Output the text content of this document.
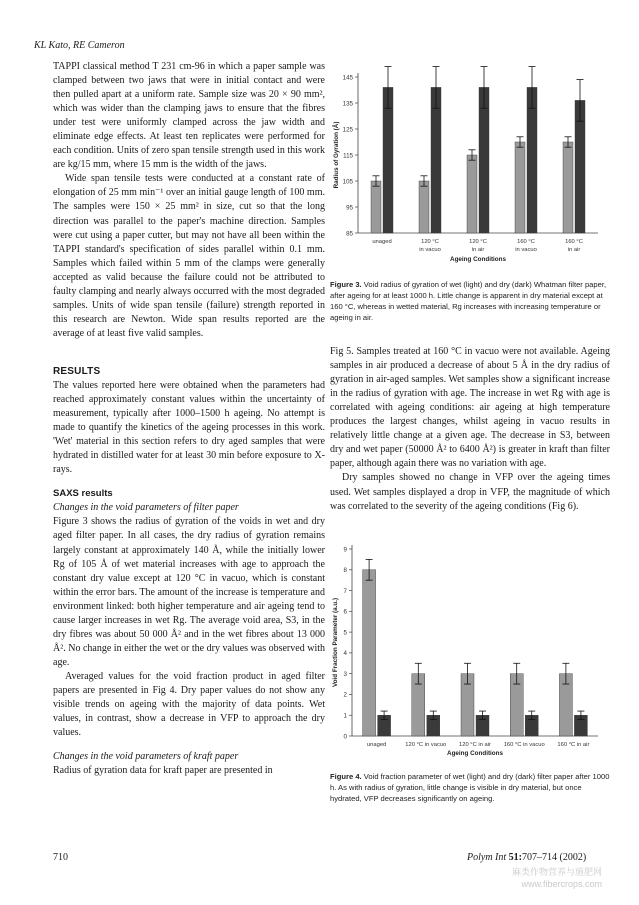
KL Kato, RE Cameron

TAPPI classical method T 231 cm-96 in which a paper sample was clamped between two jaws that were in initial contact and were then pulled apart at a uniform rate. Sample size was 20 × 90 mm², which was wider than the clamping jaws to ensure that the fibres under test were uniformly clamped across the jaw width and eliminate edge effects. At least ten replicates were performed for each condition. Units of zero span tensile strength used in this work are kg/15 mm, where 15 mm is the width of the jaws.

Wide span tensile tests were conducted at a constant rate of elongation of 25 mm min⁻¹ over an initial gauge length of 100 mm. The samples were 150 × 25 mm² in size, cut so that the long direction was parallel to the paper's machine direction. Samples were cut using a paper cutter, but may not have all been within the TAPPI standard's specification of sides parallel within 0.1 mm. Samples which failed within 5 mm of the clamps were generally accepted as valid because the failure could not be attributed to faulty clamping and nearly always occurred with the most degraded samples. Units of wide span tensile (failure) strength reported in this research are Newton. Wide span results reported are the average of at least five valid samples.

RESULTS

The values reported here were obtained when the parameters had reached approximately constant values within the uncertainty of measurement, typically after 1000–1500 h ageing. No attempt is made to quantify the kinetics of the ageing processes in this work. 'Wet' material in this section refers to dry aged samples that were hydrated in distilled water for at least 30 min before exposure to X-rays.

SAXS results

Changes in the void parameters of filter paper

Figure 3 shows the radius of gyration of the voids in wet and dry aged filter paper. In all cases, the dry radius of gyration remains largely constant at approximately 140 Å, while the initially lower Rg of 105 Å of wet material increases with age to approach the constant dry value except at 120 °C in vacuo, which is constant within the error bars. The amount of the increase is temperature and environment linked: both higher temperature and air ageing tend to cause larger increases in wet Rg. The average void area, S3, in the dry fibres was about 50 000 Å² and in the wet fibres about 13 000 Å². No change in either the wet or the dry values was observed with age.

Averaged values for the void fraction product in aged filter papers are presented in Fig 4. Dry paper values do not show any visible trends on ageing with the majority of data points. Wet values, in contrast, show a decrease in VFP to approach the dry values.

Changes in the void parameters of kraft paper

Radius of gyration data for kraft paper are presented in

85
95
105
115
125
135
145
Radius of Gyration (Å)
unaged	120 °C
in vacuo
120 °C
in air
160 °C
in vacuo
160 °C
in air
Ageing Conditions
Figure 3. Void radius of gyration of wet (light) and dry (dark) Whatman filter paper, after ageing for at least 1000 h. Little change is apparent in dry material except at 160 °C, whereas in wetted material, Rg increases with increasing temperature or ageing in air.

Fig 5. Samples treated at 160 °C in vacuo were not available. Ageing samples in air produced a decrease of about 5 Å in the dry radius of gyration in air-aged samples. Wet samples show a significant increase in the radius of gyration with age. The increase in wet Rg with age is correlated with ageing conditions: air ageing at high temperature produces the largest changes, whilst ageing in vacuo results in relatively little change at a given age. The decrease in S3, between dry and wet paper (50000 Å² to 6400 Å²) is greater in kraft than filter paper, although again there was no variation with age.

Dry samples showed no change in VFP over the ageing times used. Wet samples displayed a drop in VFP, the magnitude of which was correlated to the severity of the ageing conditions (Fig 6).

0
1
2
3
4
5
6
7
8
9
Void Fraction Parameter (a.u.)
unaged	120 °C in vacuo 120 °C in air 160 °C in vacuo 160 °C in air
Ageing Conditions
Figure 4. Void fraction parameter of wet (light) and dry (dark) filter paper after 1000 h. As with radius of gyration, little change is visible in dry material, but once hydrated, VFP decreases significantly on ageing.
710	Polym Int 51:707–714 (2002)
麻类作物营养与施肥网
www.fibercrops.com
